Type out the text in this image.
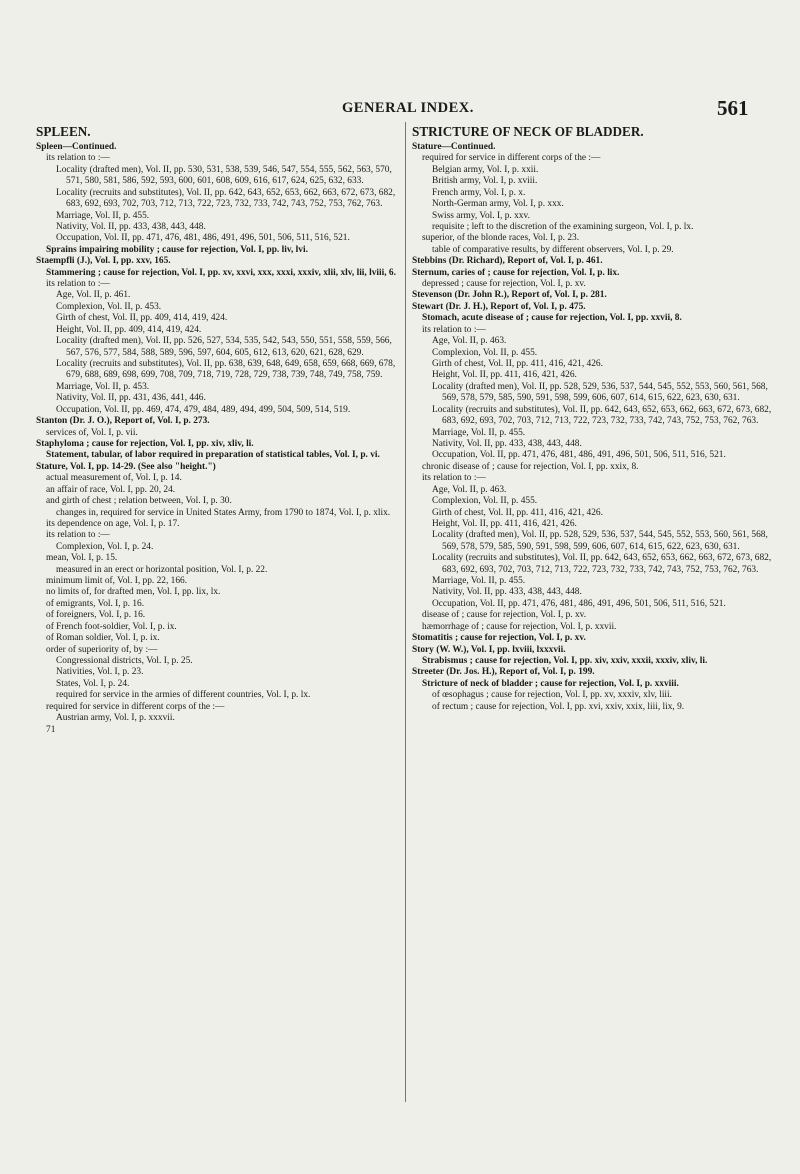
GENERAL INDEX.	561
SPLEEN.

Spleen—Continued.

its relation to :—

Locality (drafted men), Vol. II, pp. 530, 531, 538, 539, 546, 547, 554, 555, 562, 563, 570, 571, 580, 581, 586, 592, 593, 600, 601, 608, 609, 616, 617, 624, 625, 632, 633.

Locality (recruits and substitutes), Vol. II, pp. 642, 643, 652, 653, 662, 663, 672, 673, 682, 683, 692, 693, 702, 703, 712, 713, 722, 723, 732, 733, 742, 743, 752, 753, 762, 763.

Marriage, Vol. II, p. 455.

Nativity, Vol. II, pp. 433, 438, 443, 448.

Occupation, Vol. II, pp. 471, 476, 481, 486, 491, 496, 501, 506, 511, 516, 521.

Sprains impairing mobility ; cause for rejection, Vol. I, pp. liv, lvi.

Staempfli (J.), Vol. I, pp. xxv, 165.

Stammering ; cause for rejection, Vol. I, pp. xv, xxvi, xxx, xxxi, xxxiv, xlii, xlv, lii, lviii, 6.

its relation to :—

Age, Vol. II, p. 461.

Complexion, Vol. II, p. 453.

Girth of chest, Vol. II, pp. 409, 414, 419, 424.

Height, Vol. II, pp. 409, 414, 419, 424.

Locality (drafted men), Vol. II, pp. 526, 527, 534, 535, 542, 543, 550, 551, 558, 559, 566, 567, 576, 577, 584, 588, 589, 596, 597, 604, 605, 612, 613, 620, 621, 628, 629.

Locality (recruits and substitutes), Vol. II, pp. 638, 639, 648, 649, 658, 659, 668, 669, 678, 679, 688, 689, 698, 699, 708, 709, 718, 719, 728, 729, 738, 739, 748, 749, 758, 759.

Marriage, Vol. II, p. 453.

Nativity, Vol. II, pp. 431, 436, 441, 446.

Occupation, Vol. II, pp. 469, 474, 479, 484, 489, 494, 499, 504, 509, 514, 519.

Stanton (Dr. J. O.), Report of, Vol. I, p. 273.

services of, Vol. I, p. vii.

Staphyloma ; cause for rejection, Vol. I, pp. xiv, xliv, li.

Statement, tabular, of labor required in preparation of statistical tables, Vol. I, p. vi.

Stature, Vol. I, pp. 14-29. (See also "height.")

actual measurement of, Vol. I, p. 14.

an affair of race, Vol. I, pp. 20, 24.

and girth of chest ; relation between, Vol. I, p. 30.

changes in, required for service in United States Army, from 1790 to 1874, Vol. I, p. xlix.

its dependence on age, Vol. I, p. 17.

its relation to :—

Complexion, Vol. I, p. 24.

mean, Vol. I, p. 15.

measured in an erect or horizontal position, Vol. I, p. 22.

minimum limit of, Vol. I, pp. 22, 166.

no limits of, for drafted men, Vol. I, pp. lix, lx.

of emigrants, Vol. I, p. 16.

of foreigners, Vol. I, p. 16.

of French foot-soldier, Vol. I, p. ix.

of Roman soldier, Vol. I, p. ix.

order of superiority of, by :—

Congressional districts, Vol. I, p. 25.

Nativities, Vol. I, p. 23.

States, Vol. I, p. 24.

required for service in the armies of different countries, Vol. I, p. lx.

required for service in different corps of the :—

Austrian army, Vol. I, p. xxxvii.

71

STRICTURE OF NECK OF BLADDER.

Stature—Continued.

required for service in different corps of the :—

Belgian army, Vol. I, p. xxii.

British army, Vol. I, p. xviii.

French army, Vol. I, p. x.

North-German army, Vol. I, p. xxx.

Swiss army, Vol. I, p. xxv.

requisite ; left to the discretion of the examining surgeon, Vol. I, p. lx.

superior, of the blonde races, Vol. I, p. 23.

table of comparative results, by different observers, Vol. I, p. 29.

Stebbins (Dr. Richard), Report of, Vol. I, p. 461.

Sternum, caries of ; cause for rejection, Vol. I, p. lix.

depressed ; cause for rejection, Vol. I, p. xv.

Stevenson (Dr. John R.), Report of, Vol. I, p. 281.

Stewart (Dr. J. H.), Report of, Vol. I, p. 475.

Stomach, acute disease of ; cause for rejection, Vol. I, pp. xxvii, 8.

its relation to :—

Age, Vol. II, p. 463.

Complexion, Vol. II, p. 455.

Girth of chest, Vol. II, pp. 411, 416, 421, 426.

Height, Vol. II, pp. 411, 416, 421, 426.

Locality (drafted men), Vol. II, pp. 528, 529, 536, 537, 544, 545, 552, 553, 560, 561, 568, 569, 578, 579, 585, 590, 591, 598, 599, 606, 607, 614, 615, 622, 623, 630, 631.

Locality (recruits and substitutes), Vol. II, pp. 642, 643, 652, 653, 662, 663, 672, 673, 682, 683, 692, 693, 702, 703, 712, 713, 722, 723, 732, 733, 742, 743, 752, 753, 762, 763.

Marriage, Vol. II, p. 455.

Nativity, Vol. II, pp. 433, 438, 443, 448.

Occupation, Vol. II, pp. 471, 476, 481, 486, 491, 496, 501, 506, 511, 516, 521.

chronic disease of ; cause for rejection, Vol. I, pp. xxix, 8.

its relation to :—

Age, Vol. II, p. 463.

Complexion, Vol. II, p. 455.

Girth of chest, Vol. II, pp. 411, 416, 421, 426.

Height, Vol. II, pp. 411, 416, 421, 426.

Locality (drafted men), Vol. II, pp. 528, 529, 536, 537, 544, 545, 552, 553, 560, 561, 568, 569, 578, 579, 585, 590, 591, 598, 599, 606, 607, 614, 615, 622, 623, 630, 631.

Locality (recruits and substitutes), Vol. II, pp. 642, 643, 652, 653, 662, 663, 672, 673, 682, 683, 692, 693, 702, 703, 712, 713, 722, 723, 732, 733, 742, 743, 752, 753, 762, 763.

Marriage, Vol. II, p. 455.

Nativity, Vol. II, pp. 433, 438, 443, 448.

Occupation, Vol. II, pp. 471, 476, 481, 486, 491, 496, 501, 506, 511, 516, 521.

disease of ; cause for rejection, Vol. I, p. xv.

hæmorrhage of ; cause for rejection, Vol. I, p. xxvii.

Stomatitis ; cause for rejection, Vol. I, p. xv.

Story (W. W.), Vol. I, pp. lxviii, lxxxvii.

Strabismus ; cause for rejection, Vol. I, pp. xiv, xxiv, xxxii, xxxiv, xliv, li.

Streeter (Dr. Jos. H.), Report of, Vol. I, p. 199.

Stricture of neck of bladder ; cause for rejection, Vol. I, p. xxviii.

of œsophagus ; cause for rejection, Vol. I, pp. xv, xxxiv, xlv, liii.

of rectum ; cause for rejection, Vol. I, pp. xvi, xxiv, xxix, liii, lix, 9.
